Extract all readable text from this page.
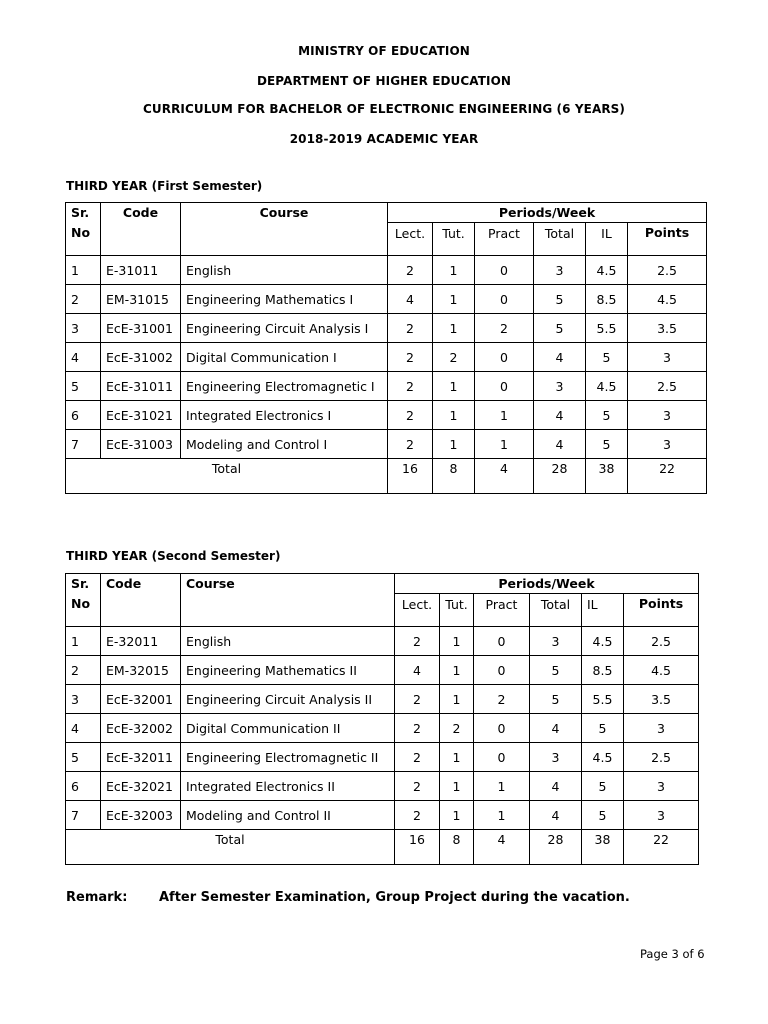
MINISTRY OF EDUCATION
DEPARTMENT OF HIGHER EDUCATION
CURRICULUM FOR BACHELOR OF ELECTRONIC ENGINEERING (6 YEARS)
2018-2019 ACADEMIC YEAR
THIRD YEAR (First Semester)
Sr.	Code	Course	Periods/Week	
No			Lect.	Tut.	Pract	Total	IL	Points	
1	E-31011	English	2	1	0	3	4.5	2.5	
2	EM-31015	Engineering Mathematics I	4	1	0	5	8.5	4.5	
3	EcE-31001	Engineering Circuit Analysis I	2	1	2	5	5.5	3.5	
4	EcE-31002	Digital Communication I	2	2	0	4	5	3	
5	EcE-31011	Engineering Electromagnetic I	2	1	0	3	4.5	2.5	
6	EcE-31021	Integrated Electronics I	2	1	1	4	5	3	
7	EcE-31003	Modeling and Control I	2	1	1	4	5	3	
Total			16	8	4	28	38	22	
THIRD YEAR (Second Semester)
Sr.	Code	Course	Periods/Week	
No			Lect.	Tut.	Pract	Total	IL	Points	
1	E-32011	English	2	1	0	3	4.5	2.5	
2	EM-32015	Engineering Mathematics II	4	1	0	5	8.5	4.5	
3	EcE-32001	Engineering Circuit Analysis II	2	1	2	5	5.5	3.5	
4	EcE-32002	Digital Communication II	2	2	0	4	5	3	
5	EcE-32011	Engineering Electromagnetic II	2	1	0	3	4.5	2.5	
6	EcE-32021	Integrated Electronics II	2	1	1	4	5	3	
7	EcE-32003	Modeling and Control II	2	1	1	4	5	3	
Total			16	8	4	28	38	22	
Remark: After Semester Examination, Group Project during the vacation.
Page 3 of 6
